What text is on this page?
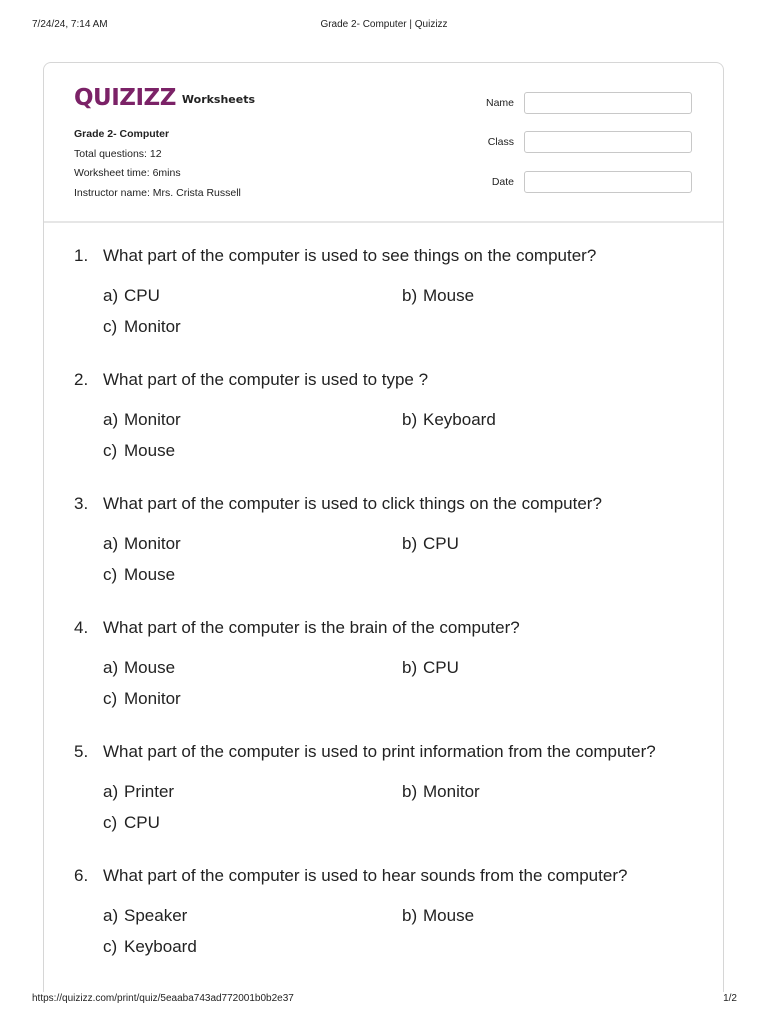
7/24/24, 7:14 AM	Grade 2- Computer | Quizizz
QUIZIZZ Worksheets
Grade 2- Computer
Total questions: 12
Worksheet time: 6mins
Instructor name: Mrs. Crista Russell
Name
Class
Date
1. What part of the computer is used to see things on the computer?
a) CPU	b) Mouse
c) Monitor
2. What part of the computer is used to type ?
a) Monitor	b) Keyboard
c) Mouse
3. What part of the computer is used to click things on the computer?
a) Monitor	b) CPU
c) Mouse
4. What part of the computer is the brain of the computer?
a) Mouse	b) CPU
c) Monitor
5. What part of the computer is used to print information from the computer?
a) Printer	b) Monitor
c) CPU
6. What part of the computer is used to hear sounds from the computer?
a) Speaker	b) Mouse
c) Keyboard
https://quizizz.com/print/quiz/5eaaba743ad772001b0b2e37	1/2
